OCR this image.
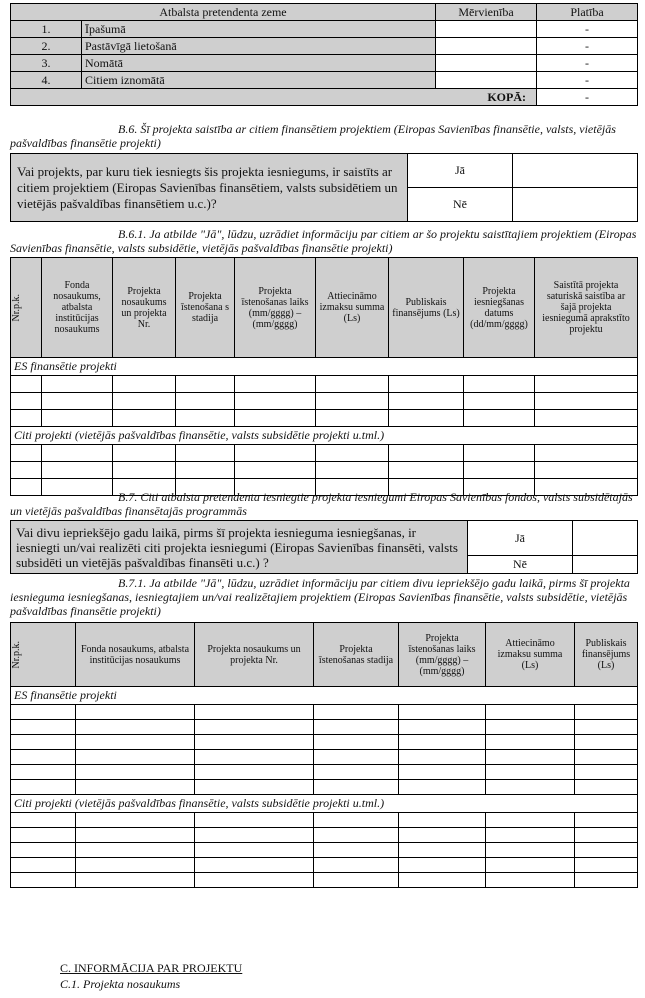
Atbalsta pretendenta zeme		Mērvienība	Platība
1.	Īpašumā		-
2.	Pastāvīgā lietošanā		-
3.	Nomātā		-
4.	Citiem iznomātā		-
KOPĀ:			-
B.6. Šī projekta saistība ar citiem finansētiem projektiem (Eiropas Savienības finansētie, valsts, vietējās pašvaldības finansētie projekti)
Vai projekts, par kuru tiek iesniegts šis projekta iesniegums, ir saistīts ar citiem projektiem (Eiropas Savienības finansētiem, valsts subsidētiem un vietējās pašvaldības finansētiem u.c.)?	Jā	
	Nē	
B.6.1. Ja atbilde "Jā", lūdzu, uzrādiet informāciju par citiem ar šo projektu saistītajiem projektiem (Eiropas Savienības finansētie, valsts subsidētie, vietējās pašvaldības finansētie projekti)
Nr.p.k.	Fonda nosaukums, atbalsta institūcijas nosaukums	Projekta nosaukums un projekta Nr.	Projekta īstenošana s stadija	Projekta īstenošanas laiks (mm/gggg) – (mm/gggg)	Attiecināmo izmaksu summa (Ls)	Publiskais finansējums (Ls)	Projekta iesniegšanas datums (dd/mm/gggg)	Saistītā projekta saturiskā saistība ar šajā projekta iesniegumā aprakstīto projektu
ES finansētie projekti								

Citi projekti (vietējās pašvaldības finansētie, valsts subsidētie projekti u.tml.)								

B.7. Citi atbalsta pretendenta iesniegtie projekta iesniegumi Eiropas Savienības fondos, valsts subsidētajās un vietējās pašvaldības finansētajās programmās
Vai divu iepriekšējo gadu laikā, pirms šī projekta iesnieguma iesniegšanas, ir iesniegti un/vai realizēti citi projekta iesniegumi (Eiropas Savienības finansēti, valsts subsidēti un vietējās pašvaldības finansēti u.c.) ?	Jā	
	Nē	
B.7.1. Ja atbilde "Jā", lūdzu, uzrādiet informāciju par citiem divu iepriekšējo gadu laikā, pirms šī projekta iesnieguma iesniegšanas, iesniegtajiem un/vai realizētajiem projektiem (Eiropas Savienības finansētie, valsts subsidētie, vietējās pašvaldības finansētie projekti)
Nr.p.k.	Fonda nosaukums, atbalsta institūcijas nosaukums	Projekta nosaukums un projekta Nr.	Projekta īstenošanas stadija	Projekta īstenošanas laiks (mm/gggg) – (mm/gggg)	Attiecināmo izmaksu summa (Ls)	Publiskais finansējums (Ls)
ES finansētie projekti						

Citi projekti (vietējās pašvaldības finansētie, valsts subsidētie projekti u.tml.)						

C. INFORMĀCIJA PAR PROJEKTU
C.1. Projekta nosaukums
